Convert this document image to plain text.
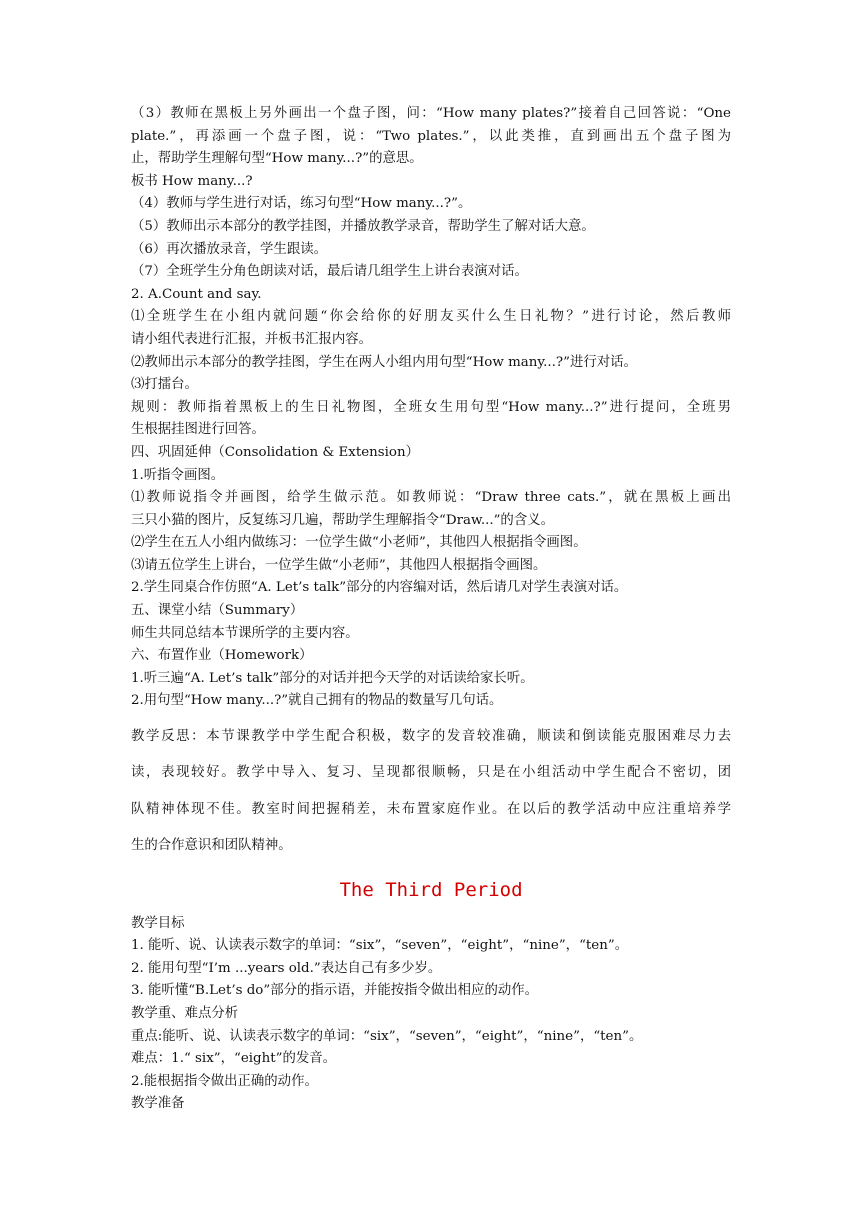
（3）教师在黑板上另外画出一个盘子图，问：“How many plates?”接着自己回答说：“One

plate.”，再添画一个盘子图，说：“Two plates.”，以此类推，直到画出五个盘子图为

止，帮助学生理解句型“How many...?”的意思。

板书 How many...?

（4）教师与学生进行对话，练习句型“How many...?”。

（5）教师出示本部分的教学挂图，并播放教学录音，帮助学生了解对话大意。

（6）再次播放录音，学生跟读。

（7）全班学生分角色朗读对话，最后请几组学生上讲台表演对话。

2. A.Count and say.

⑴全班学生在小组内就问题“你会给你的好朋友买什么生日礼物？”进行讨论，然后教师

请小组代表进行汇报，并板书汇报内容。

⑵教师出示本部分的教学挂图，学生在两人小组内用句型“How many...?”进行对话。

⑶打擂台。

规则：教师指着黑板上的生日礼物图，全班女生用句型“How many...?”进行提问，全班男

生根据挂图进行回答。

四、巩固延伸（Consolidation & Extension）

1.听指令画图。

⑴教师说指令并画图，给学生做示范。如教师说：“Draw three cats.”，就在黑板上画出

三只小猫的图片，反复练习几遍，帮助学生理解指令“Draw...”的含义。

⑵学生在五人小组内做练习：一位学生做“小老师”，其他四人根据指令画图。

⑶请五位学生上讲台，一位学生做“小老师”，其他四人根据指令画图。

2.学生同桌合作仿照“A. Let’s talk”部分的内容编对话，然后请几对学生表演对话。

五、课堂小结（Summary）

师生共同总结本节课所学的主要内容。

六、布置作业（Homework）

1.听三遍“A. Let’s talk”部分的对话并把今天学的对话读给家长听。

2.用句型“How many...?”就自己拥有的物品的数量写几句话。

教学反思：本节课教学中学生配合积极，数字的发音较准确，顺读和倒读能克服困难尽力去

读，表现较好。教学中导入、复习、呈现都很顺畅，只是在小组活动中学生配合不密切，团

队精神体现不佳。教室时间把握稍差，未布置家庭作业。在以后的教学活动中应注重培养学

生的合作意识和团队精神。

The Third Period

教学目标

1. 能听、说、认读表示数字的单词：“six”，“seven”，“eight”，“nine”，“ten”。

2. 能用句型“I’m ...years old.”表达自己有多少岁。

3. 能听懂“B.Let’s do”部分的指示语，并能按指令做出相应的动作。

教学重、难点分析

重点:能听、说、认读表示数字的单词：“six”，“seven”，“eight”，“nine”，“ten”。

难点：1.“ six”，“eight”的发音。

2.能根据指令做出正确的动作。

教学准备
